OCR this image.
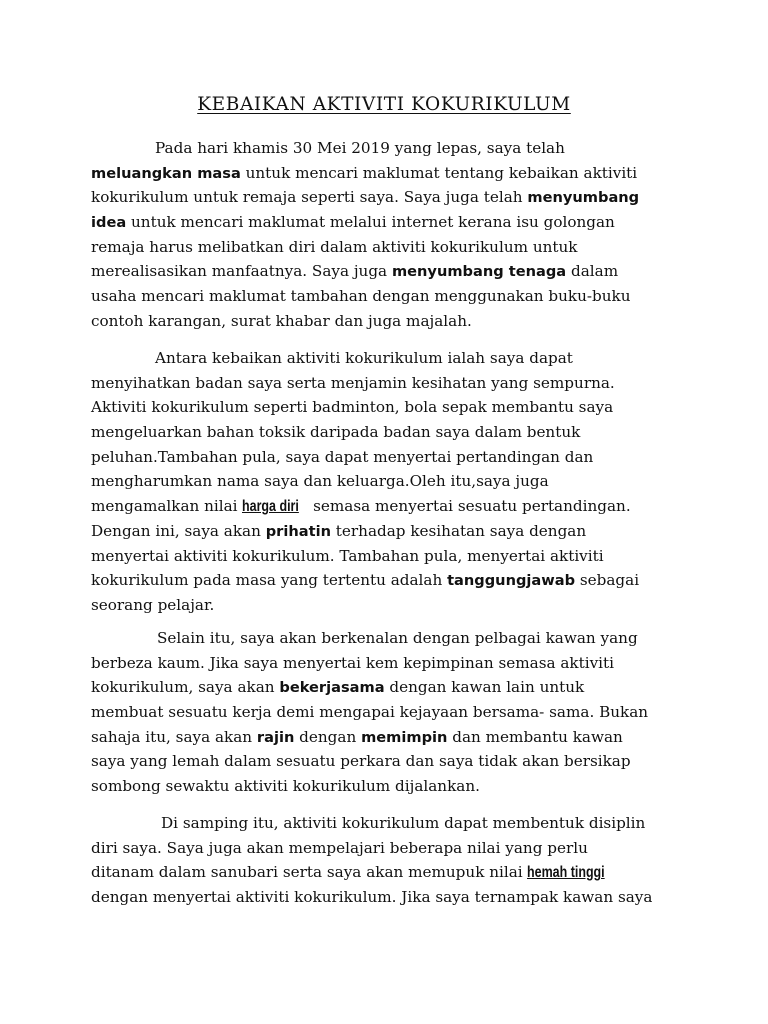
KEBAIKAN AKTIVITI KOKURIKULUM
Pada hari khamis 30 Mei 2019 yang lepas, saya telah
meluangkan masa untuk mencari maklumat tentang kebaikan aktiviti
kokurikulum untuk remaja seperti saya. Saya juga telah menyumbang
idea untuk mencari maklumat melalui internet kerana isu golongan
remaja harus melibatkan diri dalam aktiviti kokurikulum untuk
merealisasikan manfaatnya. Saya juga menyumbang tenaga dalam
usaha mencari maklumat tambahan dengan menggunakan buku-buku
contoh karangan, surat khabar dan juga majalah.
Antara kebaikan aktiviti kokurikulum ialah saya dapat
menyihatkan badan saya serta menjamin kesihatan yang sempurna.
Aktiviti kokurikulum seperti badminton, bola sepak membantu saya
mengeluarkan bahan toksik daripada badan saya dalam bentuk
peluhan.Tambahan pula, saya dapat menyertai pertandingan dan
mengharumkan nama saya dan keluarga.Oleh itu,saya juga
mengamalkan nilai harga diri semasa menyertai sesuatu pertandingan.
Dengan ini, saya akan prihatin terhadap kesihatan saya dengan
menyertai aktiviti kokurikulum. Tambahan pula, menyertai aktiviti
kokurikulum pada masa yang tertentu adalah tanggungjawab sebagai
seorang pelajar.
Selain itu, saya akan berkenalan dengan pelbagai kawan yang
berbeza kaum. Jika saya menyertai kem kepimpinan semasa aktiviti
kokurikulum, saya akan bekerjasama dengan kawan lain untuk
membuat sesuatu kerja demi mengapai kejayaan bersama- sama. Bukan
sahaja itu, saya akan rajin dengan memimpin dan membantu kawan
saya yang lemah dalam sesuatu perkara dan saya tidak akan bersikap
sombong sewaktu aktiviti kokurikulum dijalankan.
Di samping itu, aktiviti kokurikulum dapat membentuk disiplin
diri saya. Saya juga akan mempelajari beberapa nilai yang perlu
ditanam dalam sanubari serta saya akan memupuk nilai hemah tinggi
dengan menyertai aktiviti kokurikulum. Jika saya ternampak kawan saya
